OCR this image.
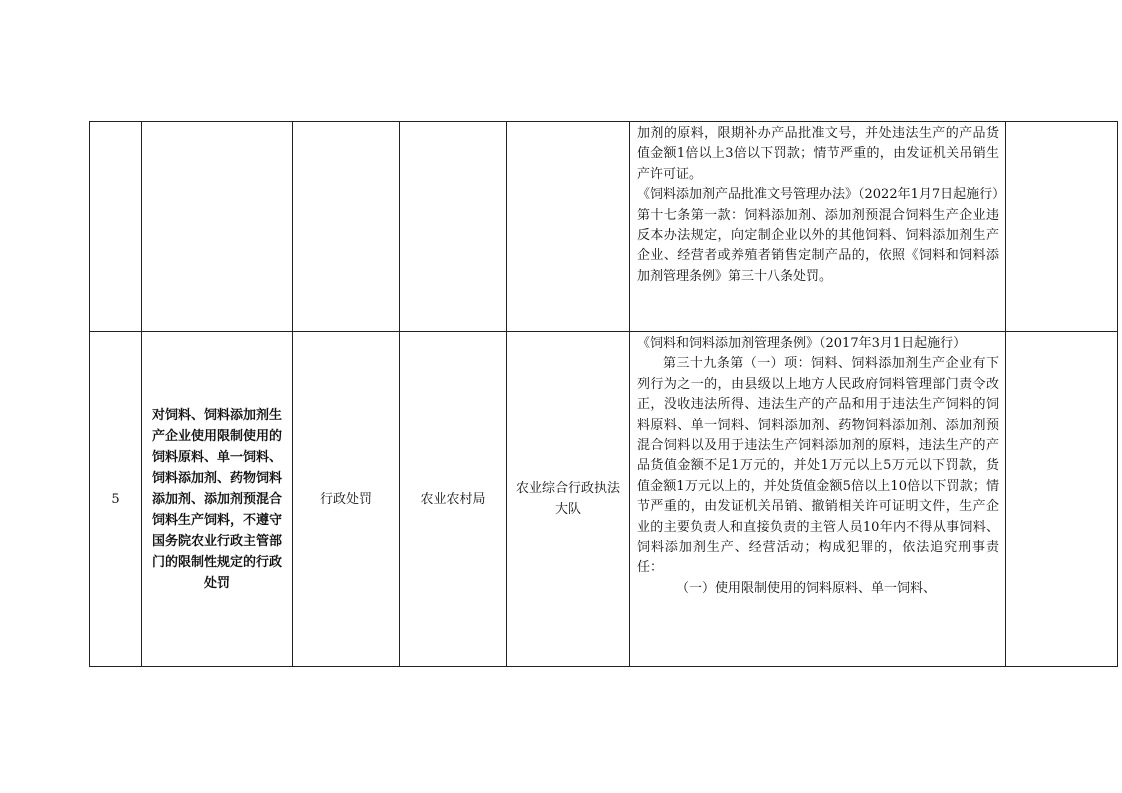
					加剂的原料，限期补办产品批准文号，并处违法生产的产品货值金额1倍以上3倍以下罚款；情节严重的，由发证机关吊销生产许可证。

《饲料添加剂产品批准文号管理办法》（2022年1月7日起施行）

第十七条第一款：饲料添加剂、添加剂预混合饲料生产企业违反本办法规定，向定制企业以外的其他饲料、饲料添加剂生产企业、经营者或养殖者销售定制产品的，依照《饲料和饲料添加剂管理条例》第三十八条处罚。	

5	对饲料、饲料添加剂生产企业使用限制使用的饲料原料、单一饲料、饲料添加剂、药物饲料添加剂、添加剂预混合饲料生产饲料，不遵守国务院农业行政主管部门的限制性规定的行政处罚	行政处罚	农业农村局	农业综合行政执法大队	《饲料和饲料添加剂管理条例》（2017年3月1日起施行）

第三十九条第（一）项：饲料、饲料添加剂生产企业有下列行为之一的，由县级以上地方人民政府饲料管理部门责令改正，没收违法所得、违法生产的产品和用于违法生产饲料的饲料原料、单一饲料、饲料添加剂、药物饲料添加剂、添加剂预混合饲料以及用于违法生产饲料添加剂的原料，违法生产的产品货值金额不足1万元的，并处1万元以上5万元以下罚款，货值金额1万元以上的，并处货值金额5倍以上10倍以下罚款；情节严重的，由发证机关吊销、撤销相关许可证明文件，生产企业的主要负责人和直接负责的主管人员10年内不得从事饲料、饲料添加剂生产、经营活动；构成犯罪的，依法追究刑事责任：

（一）使用限制使用的饲料原料、单一饲料、	
